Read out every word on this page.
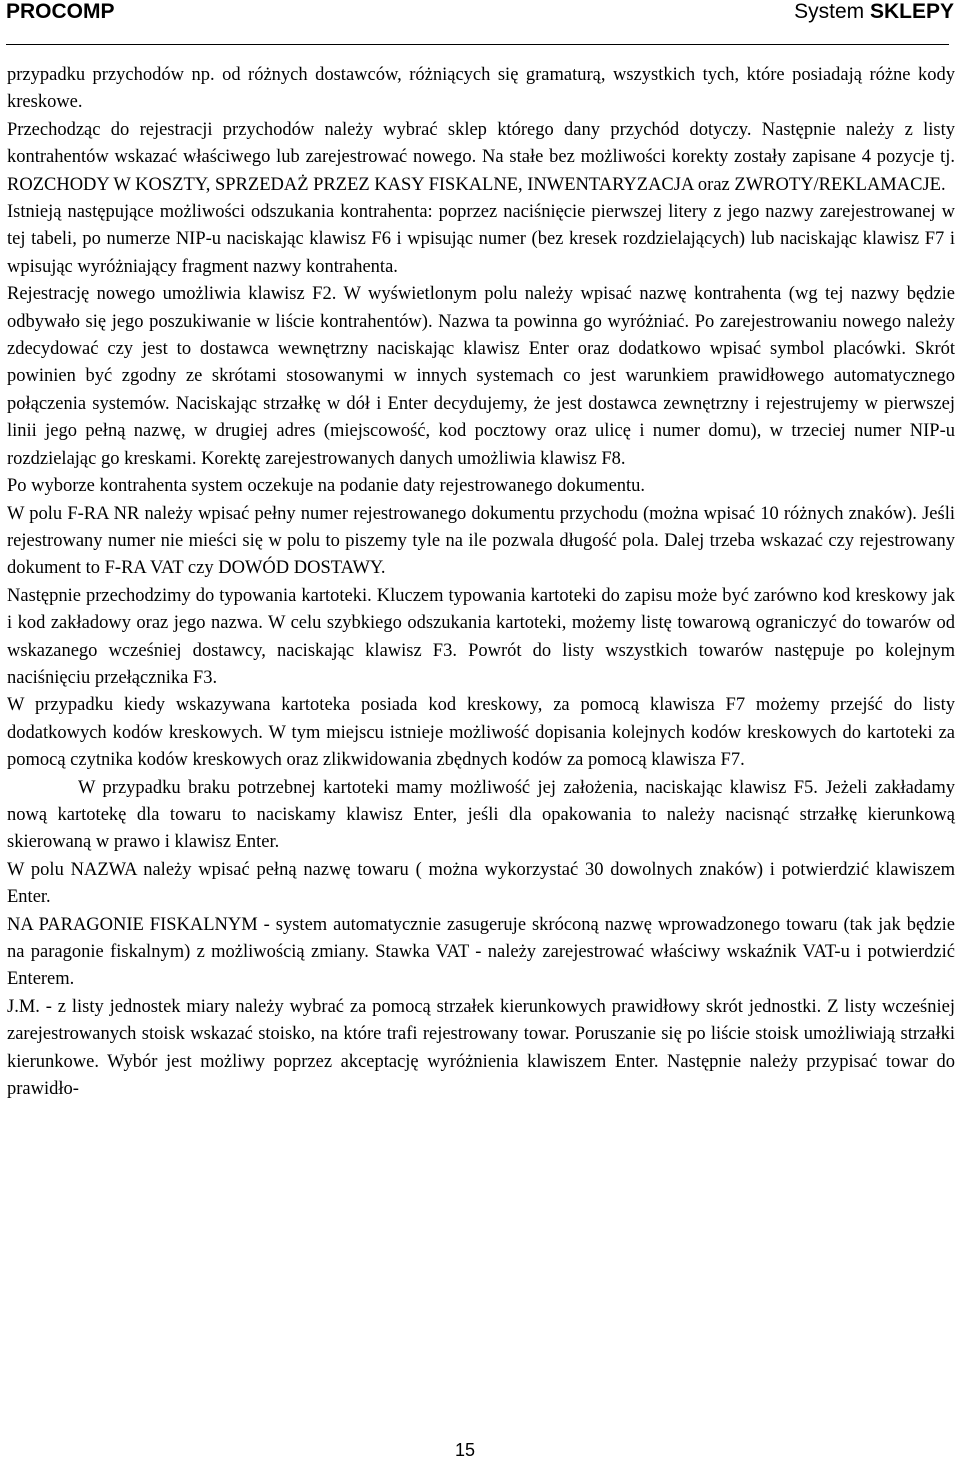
PROCOMP	System SKLEPY

przypadku przychodów np. od różnych dostawców, różniących się gramaturą, wszystkich tych, które posiadają różne kody kreskowe.

Przechodząc do rejestracji przychodów należy wybrać sklep którego dany przychód dotyczy. Następnie należy z listy kontrahentów wskazać właściwego lub zarejestrować nowego. Na stałe bez możliwości korekty zostały zapisane 4 pozycje tj. ROZCHODY W KOSZTY, SPRZEDAŻ PRZEZ KASY FISKALNE, INWENTARYZACJA oraz ZWROTY/REKLAMACJE.

Istnieją następujące możliwości odszukania kontrahenta: poprzez naciśnięcie pierwszej litery z jego nazwy zarejestrowanej w tej tabeli, po numerze NIP-u naciskając klawisz F6 i wpisując numer (bez kresek rozdzielających) lub naciskając klawisz F7 i wpisując wyróżniający fragment nazwy kontrahenta.

Rejestrację nowego umożliwia klawisz F2. W wyświetlonym polu należy wpisać nazwę kontrahenta (wg tej nazwy będzie odbywało się jego poszukiwanie w liście kontrahentów). Nazwa ta powinna go wyróżniać. Po zarejestrowaniu nowego należy zdecydować czy jest to dostawca wewnętrzny naciskając klawisz Enter oraz dodatkowo wpisać symbol placówki. Skrót powinien być zgodny ze skrótami stosowanymi w innych systemach co jest warunkiem prawidłowego automatycznego połączenia systemów. Naciskając strzałkę w dół i Enter decydujemy, że jest dostawca zewnętrzny i rejestrujemy w pierwszej linii jego pełną nazwę, w drugiej adres (miejscowość, kod pocztowy oraz ulicę i numer domu), w trzeciej numer NIP-u rozdzielając go kreskami. Korektę zarejestrowanych danych umożliwia klawisz F8.

Po wyborze kontrahenta system oczekuje na podanie daty rejestrowanego dokumentu.

W polu F-RA NR należy wpisać pełny numer rejestrowanego dokumentu przychodu (można wpisać 10 różnych znaków). Jeśli rejestrowany numer nie mieści się w polu to piszemy tyle na ile pozwala długość pola. Dalej trzeba wskazać czy rejestrowany dokument to F-RA VAT czy DOWÓD DOSTAWY.

Następnie przechodzimy do typowania kartoteki. Kluczem typowania kartoteki do zapisu może być zarówno kod kreskowy jak i kod zakładowy oraz jego nazwa. W celu szybkiego odszukania kartoteki, możemy listę towarową ograniczyć do towarów od wskazanego wcześniej dostawcy, naciskając klawisz F3. Powrót do listy wszystkich towarów następuje po kolejnym naciśnięciu przełącznika F3.

W przypadku kiedy wskazywana kartoteka posiada kod kreskowy, za pomocą klawisza F7 możemy przejść do listy dodatkowych kodów kreskowych. W tym miejscu istnieje możliwość dopisania kolejnych kodów kreskowych do kartoteki za pomocą czytnika kodów kreskowych oraz zlikwidowania zbędnych kodów za pomocą klawisza F7.

W przypadku braku potrzebnej kartoteki mamy możliwość jej założenia, naciskając klawisz F5. Jeżeli zakładamy nową kartotekę dla towaru to naciskamy klawisz Enter, jeśli dla opakowania to należy nacisnąć strzałkę kierunkową skierowaną w prawo i klawisz Enter.

W polu NAZWA należy wpisać pełną nazwę towaru ( można wykorzystać 30 dowolnych znaków) i potwierdzić klawiszem Enter.

NA PARAGONIE FISKALNYM - system automatycznie zasugeruje skróconą nazwę wprowadzonego towaru (tak jak będzie na paragonie fiskalnym) z możliwością zmiany. Stawka VAT - należy zarejestrować właściwy wskaźnik VAT-u i potwierdzić Enterem.

J.M. - z listy jednostek miary należy wybrać za pomocą strzałek kierunkowych prawidłowy skrót jednostki. Z listy wcześniej zarejestrowanych stoisk wskazać stoisko, na które trafi rejestrowany towar. Poruszanie się po liście stoisk umożliwiają strzałki kierunkowe. Wybór jest możliwy poprzez akceptację wyróżnienia klawiszem Enter. Następnie należy przypisać towar do prawidło-

15
